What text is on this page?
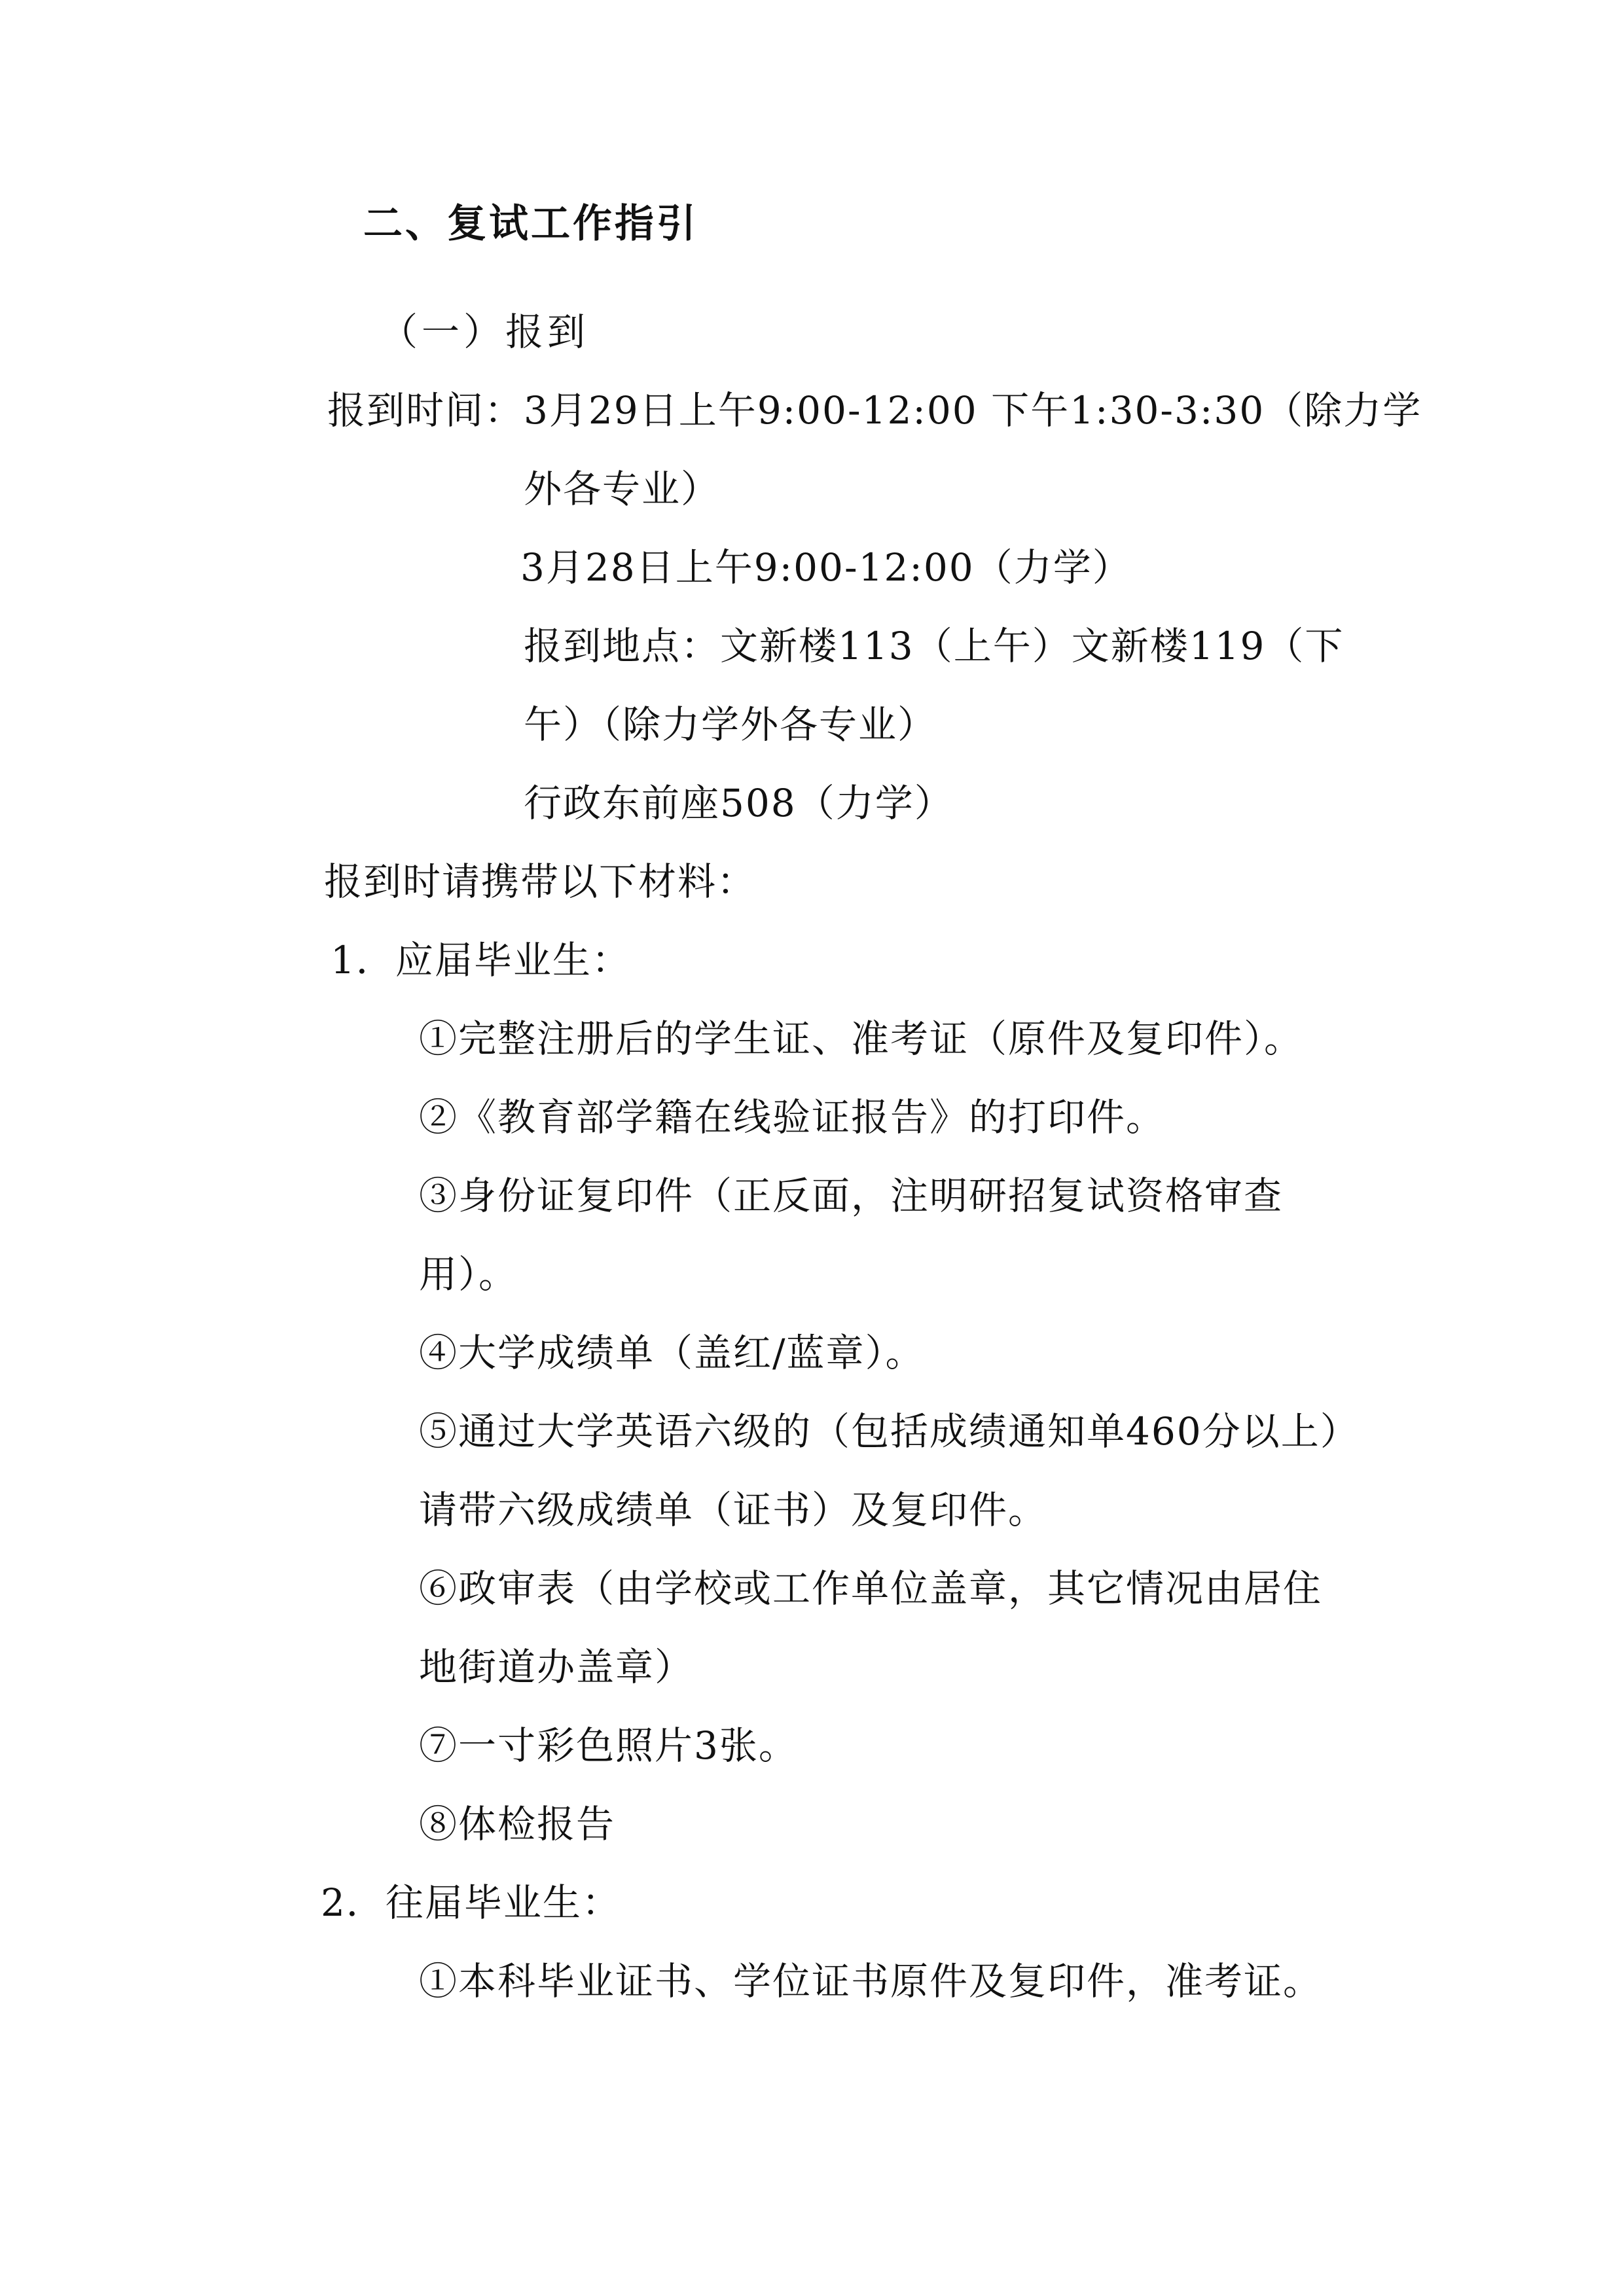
二、复试工作指引
（一）报到
报到时间：3月29日上午9:00-12:00 下午1:30-3:30（除力学
外各专业）
3月28日上午9:00-12:00（力学）
报到地点：文新楼113（上午）文新楼119（下
午）（除力学外各专业）
行政东前座508（力学）
报到时请携带以下材料：
1．应届毕业生：
①完整注册后的学生证、准考证（原件及复印件）。
②《教育部学籍在线验证报告》的打印件。
③身份证复印件（正反面，注明研招复试资格审查
用）。
④大学成绩单（盖红/蓝章）。
⑤通过大学英语六级的（包括成绩通知单460分以上）
请带六级成绩单（证书）及复印件。
⑥政审表（由学校或工作单位盖章，其它情况由居住
地街道办盖章）
⑦一寸彩色照片3张。
⑧体检报告
2．往届毕业生：
①本科毕业证书、学位证书原件及复印件，准考证。
